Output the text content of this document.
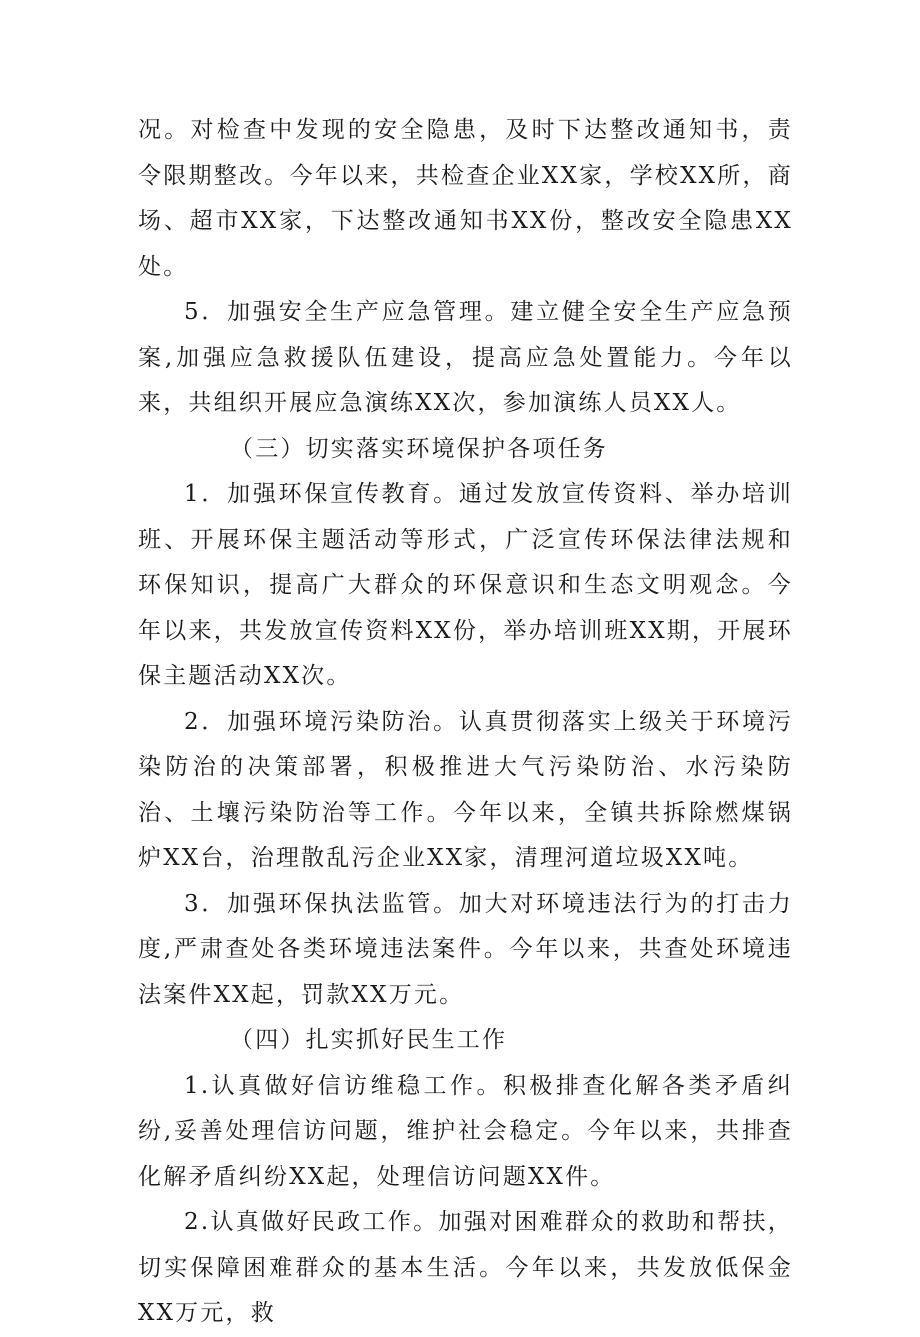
况。对检查中发现的安全隐患，及时下达整改通知书，责令限期整改。今年以来，共检查企业XX家，学校XX所，商场、超市XX家，下达整改通知书XX份，整改安全隐患XX处。

5．加强安全生产应急管理。建立健全安全生产应急预案,加强应急救援队伍建设，提高应急处置能力。今年以来，共组织开展应急演练XX次，参加演练人员XX人。

（三）切实落实环境保护各项任务

1．加强环保宣传教育。通过发放宣传资料、举办培训班、开展环保主题活动等形式，广泛宣传环保法律法规和环保知识，提高广大群众的环保意识和生态文明观念。今年以来，共发放宣传资料XX份，举办培训班XX期，开展环保主题活动XX次。

2．加强环境污染防治。认真贯彻落实上级关于环境污染防治的决策部署，积极推进大气污染防治、水污染防治、土壤污染防治等工作。今年以来，全镇共拆除燃煤锅炉XX台，治理散乱污企业XX家，清理河道垃圾XX吨。

3．加强环保执法监管。加大对环境违法行为的打击力度,严肃查处各类环境违法案件。今年以来，共查处环境违法案件XX起，罚款XX万元。

（四）扎实抓好民生工作

1.认真做好信访维稳工作。积极排查化解各类矛盾纠纷,妥善处理信访问题，维护社会稳定。今年以来，共排查化解矛盾纠纷XX起，处理信访问题XX件。

2.认真做好民政工作。加强对困难群众的救助和帮扶，切实保障困难群众的基本生活。今年以来，共发放低保金XX万元，救
